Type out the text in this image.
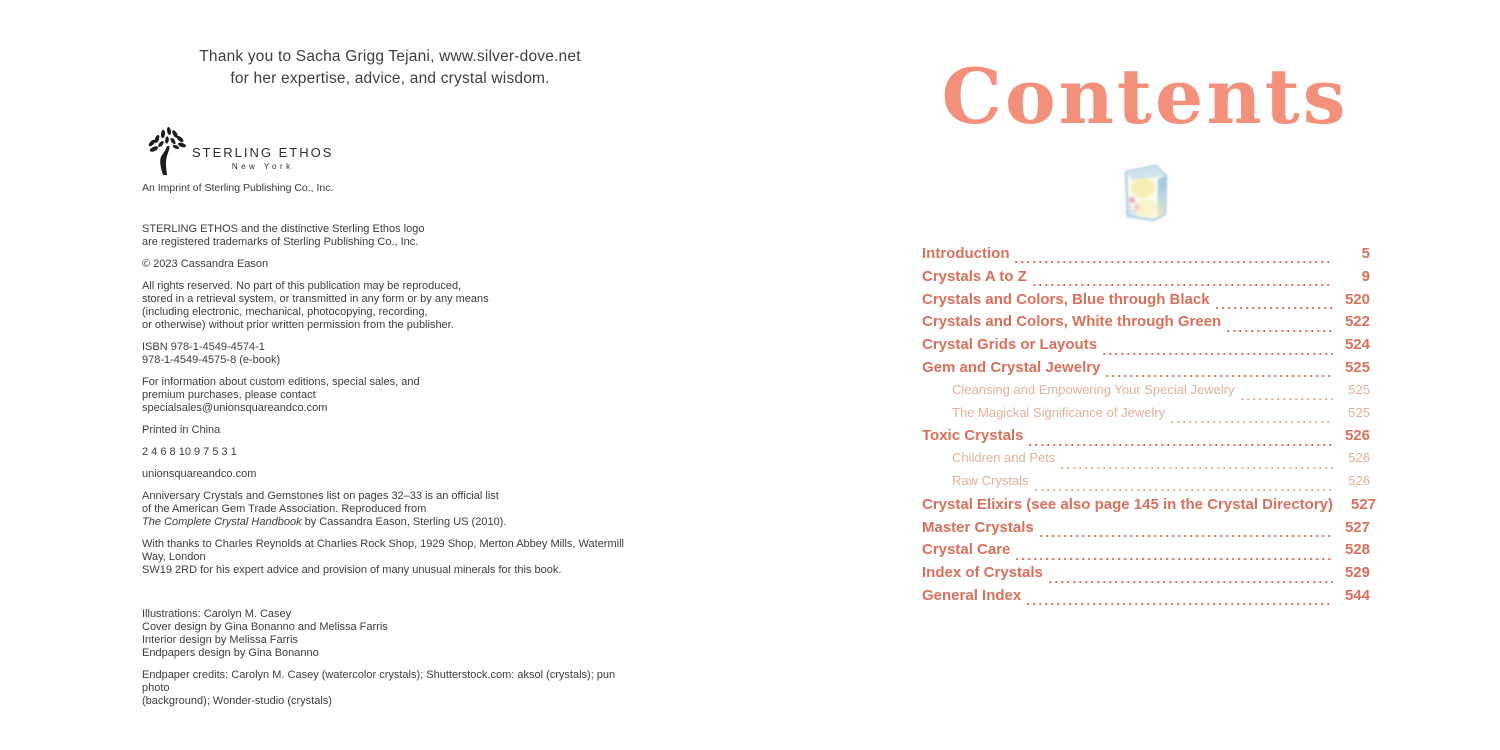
Thank you to Sacha Grigg Tejani, www.silver-dove.net
for her expertise, advice, and crystal wisdom.
STERLING ETHOS
New York
An Imprint of Sterling Publishing Co., Inc.

STERLING ETHOS and the distinctive Sterling Ethos logo
are registered trademarks of Sterling Publishing Co., Inc.

© 2023 Cassandra Eason

All rights reserved. No part of this publication may be reproduced,
stored in a retrieval system, or transmitted in any form or by any means
(including electronic, mechanical, photocopying, recording,
or otherwise) without prior written permission from the publisher.

ISBN 978-1-4549-4574-1
978-1-4549-4575-8 (e-book)

For information about custom editions, special sales, and
premium purchases, please contact
specialsales@unionsquareandco.com

Printed in China

2 4 6 8 10 9 7 5 3 1

unionsquareandco.com

Anniversary Crystals and Gemstones list on pages 32–33 is an official list
of the American Gem Trade Association. Reproduced from
The Complete Crystal Handbook by Cassandra Eason, Sterling US (2010).

With thanks to Charles Reynolds at Charlies Rock Shop, 1929 Shop, Merton Abbey Mills, Watermill Way, London
SW19 2RD for his expert advice and provision of many unusual minerals for this book.

Illustrations: Carolyn M. Casey
Cover design by Gina Bonanno and Melissa Farris
Interior design by Melissa Farris
Endpapers design by Gina Bonanno

Endpaper credits: Carolyn M. Casey (watercolor crystals); Shutterstock.com: aksol (crystals); pun photo
(background); Wonder-studio (crystals)

Contents
Introduction	5
Crystals A to Z	9
Crystals and Colors, Blue through Black	520
Crystals and Colors, White through Green	522
Crystal Grids or Layouts	524
Gem and Crystal Jewelry	525
Cleansing and Empowering Your Special Jewelry	525
The Magickal Significance of Jewelry	525
Toxic Crystals	526
Children and Pets	526
Raw Crystals	526
Crystal Elixirs (see also page 145 in the Crystal Directory)	527
Master Crystals	527
Crystal Care	528
Index of Crystals	529
General Index	544
